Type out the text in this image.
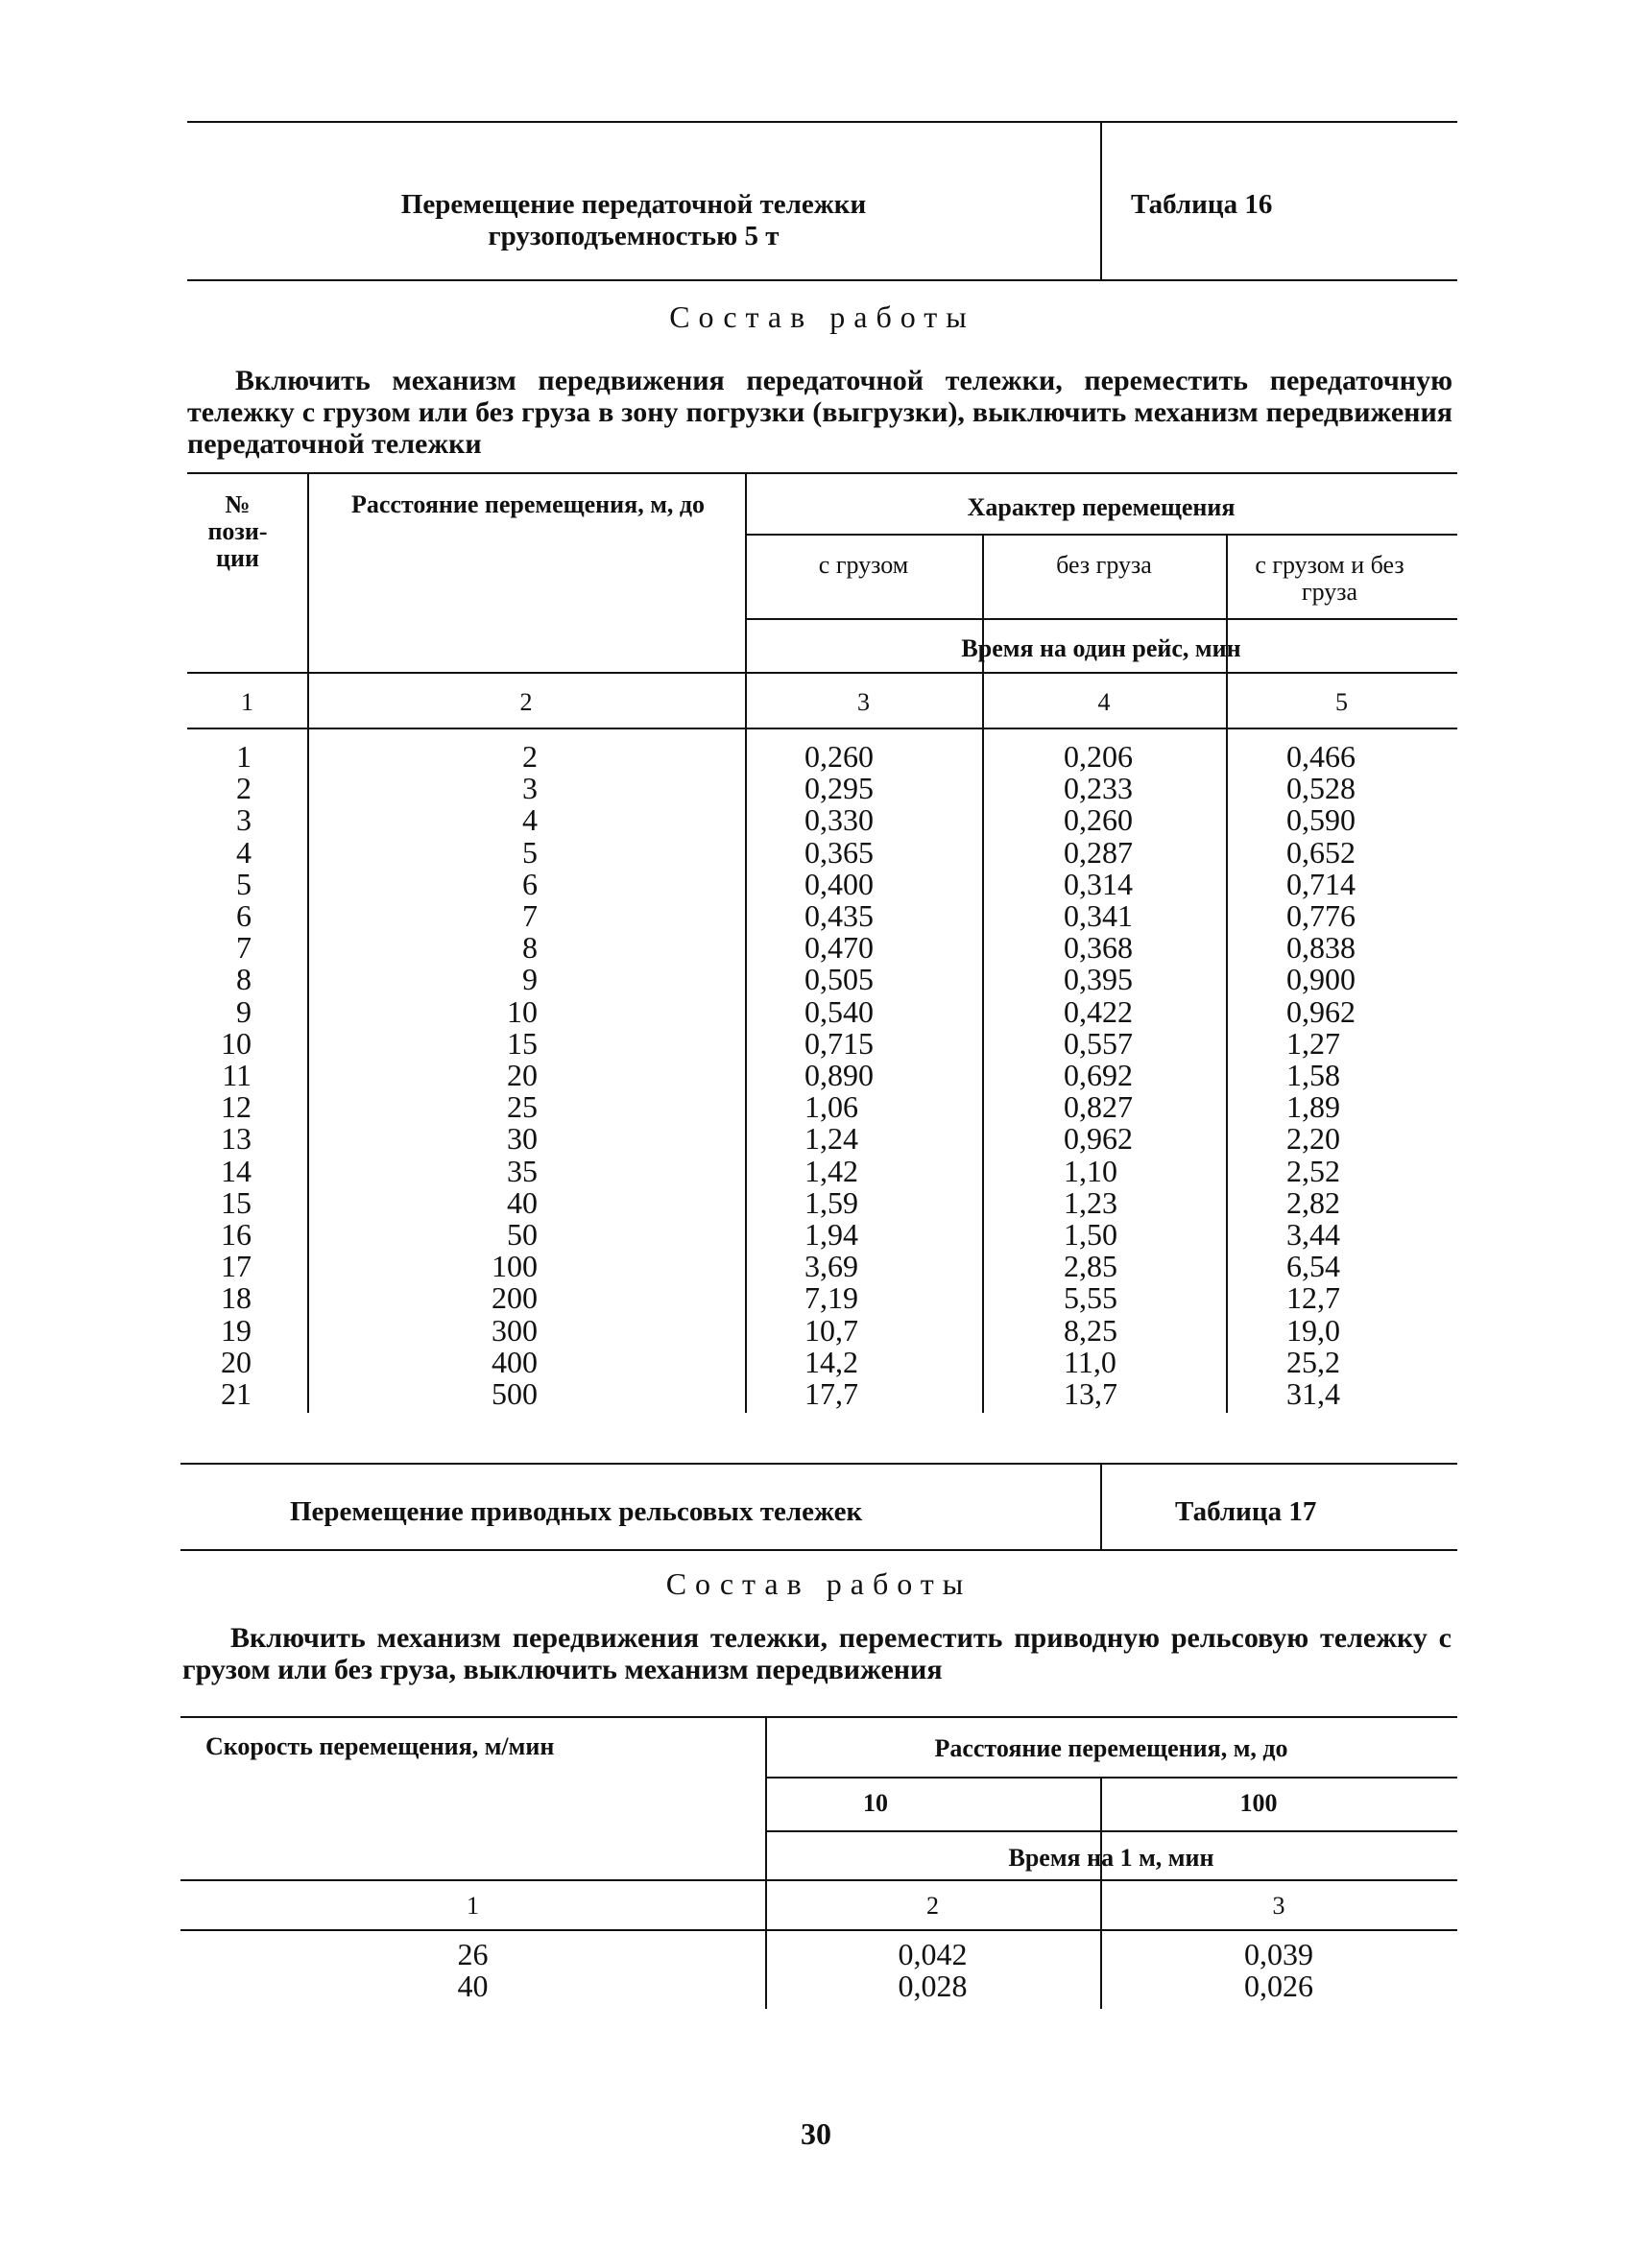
Перемещение передаточной тележки грузоподъемностью 5 т
Таблица 16
Состав работы
Включить механизм передвижения передаточной тележки, переместить передаточную тележку с грузом или без груза в зону погрузки (выгрузки), выключить механизм передвижения передаточной тележки
№ пози-ции
Расстояние перемещения, м, до	Характер перемещения
с грузом	без груза	с грузом и без груза
Время на один рейс, мин
1	2	3	4	5
1	2	0,260	0,206	0,466
2	3	0,295	0,233	0,528
3	4	0,330	0,260	0,590
4	5	0,365	0,287	0,652
5	6	0,400	0,314	0,714
6	7	0,435	0,341	0,776
7	8	0,470	0,368	0,838
8	9	0,505	0,395	0,900
9	10	0,540	0,422	0,962
10	15	0,715	0,557	1,27
11	20	0,890	0,692	1,58
12	25	1,06	0,827	1,89
13	30	1,24	0,962	2,20
14	35	1,42	1,10	2,52
15	40	1,59	1,23	2,82
16	50	1,94	1,50	3,44
17	100	3,69	2,85	6,54
18	200	7,19	5,55	12,7
19	300	10,7	8,25	19,0
20	400	14,2	11,0	25,2
21	500	17,7	13,7	31,4
Перемещение приводных рельсовых тележек	Таблица 17
Состав работы
Включить механизм передвижения тележки, переместить приводную рельсовую тележку с грузом или без груза, выключить механизм передвижения
Скорость перемещения, м/мин	Расстояние перемещения, м, до
10	100
Время на 1 м, мин
1	2	3
26	0,042	0,039
40	0,028	0,026
30
